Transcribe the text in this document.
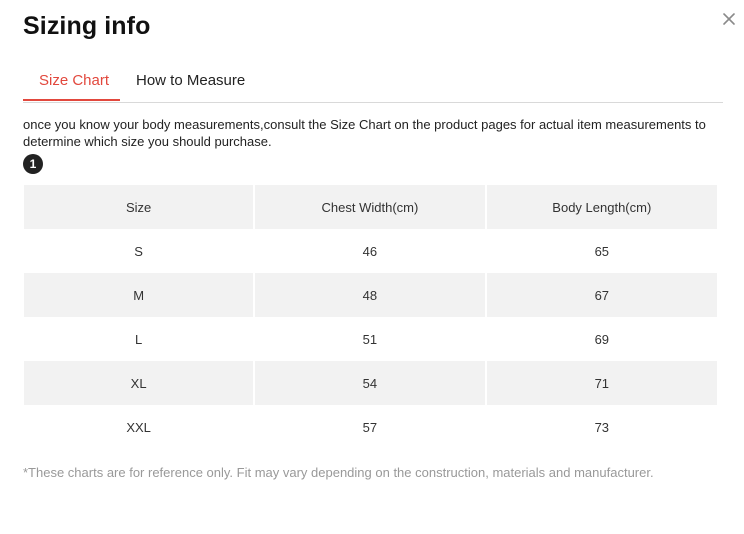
Sizing info
Size Chart How to Measure
once you know your body measurements,consult the Size Chart on the product pages for actual item measurements to determine which size you should purchase.
1
Size	Chest Width(cm)	Body Length(cm)
S	46	65
M	48	67
L	51	69
XL	54	71
XXL	57	73
*These charts are for reference only. Fit may vary depending on the construction, materials and manufacturer.
